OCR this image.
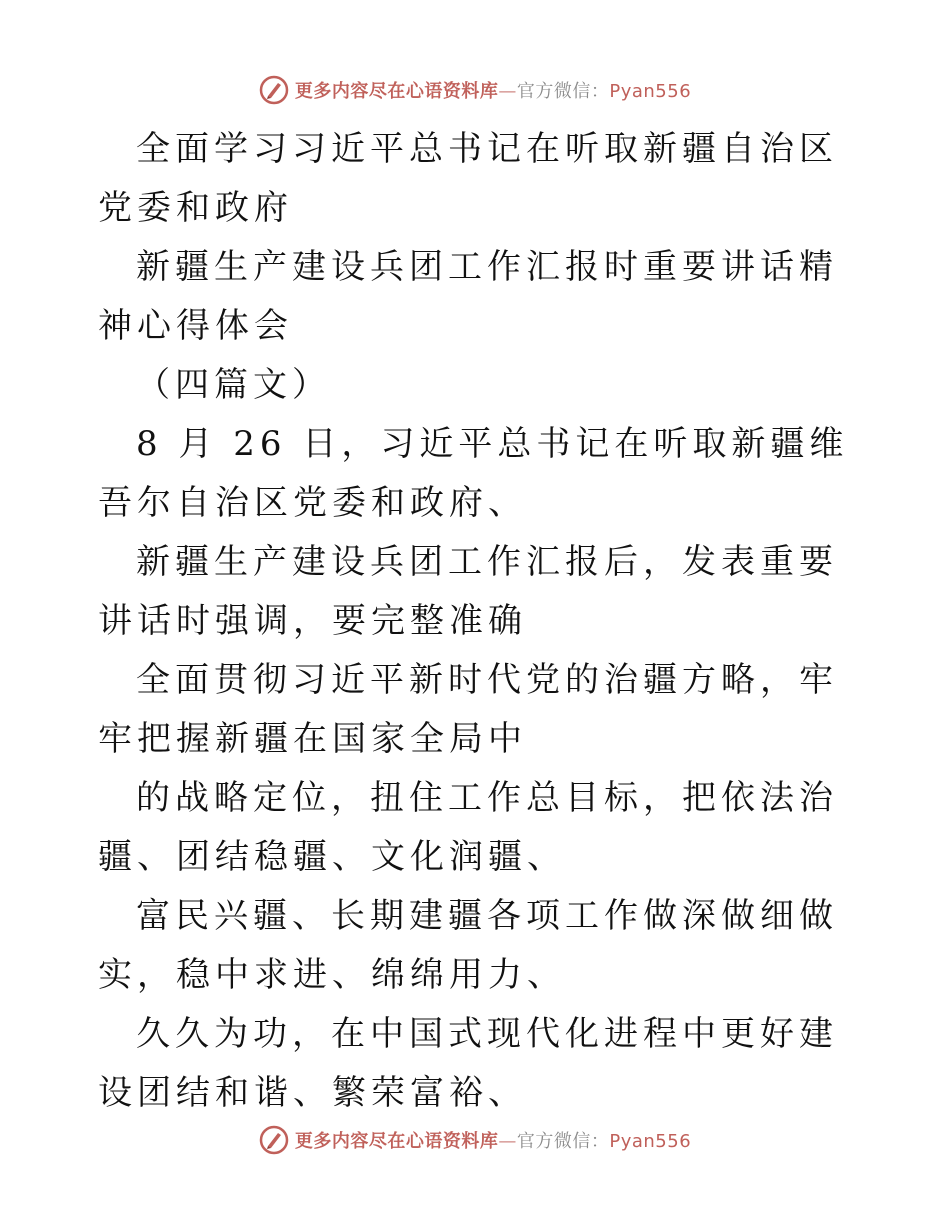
更多内容尽在心语资料库—官方微信：Pyan556

全面学习习近平总书记在听取新疆自治区党委和政府

新疆生产建设兵团工作汇报时重要讲话精神心得体会

（四篇文）

8 月 26 日，习近平总书记在听取新疆维吾尔自治区党委和政府、

新疆生产建设兵团工作汇报后，发表重要讲话时强调，要完整准确

全面贯彻习近平新时代党的治疆方略，牢牢把握新疆在国家全局中

的战略定位，扭住工作总目标，把依法治疆、团结稳疆、文化润疆、

富民兴疆、长期建疆各项工作做深做细做实，稳中求进、绵绵用力、

久久为功，在中国式现代化进程中更好建设团结和谐、繁荣富裕、

更多内容尽在心语资料库—官方微信：Pyan556
